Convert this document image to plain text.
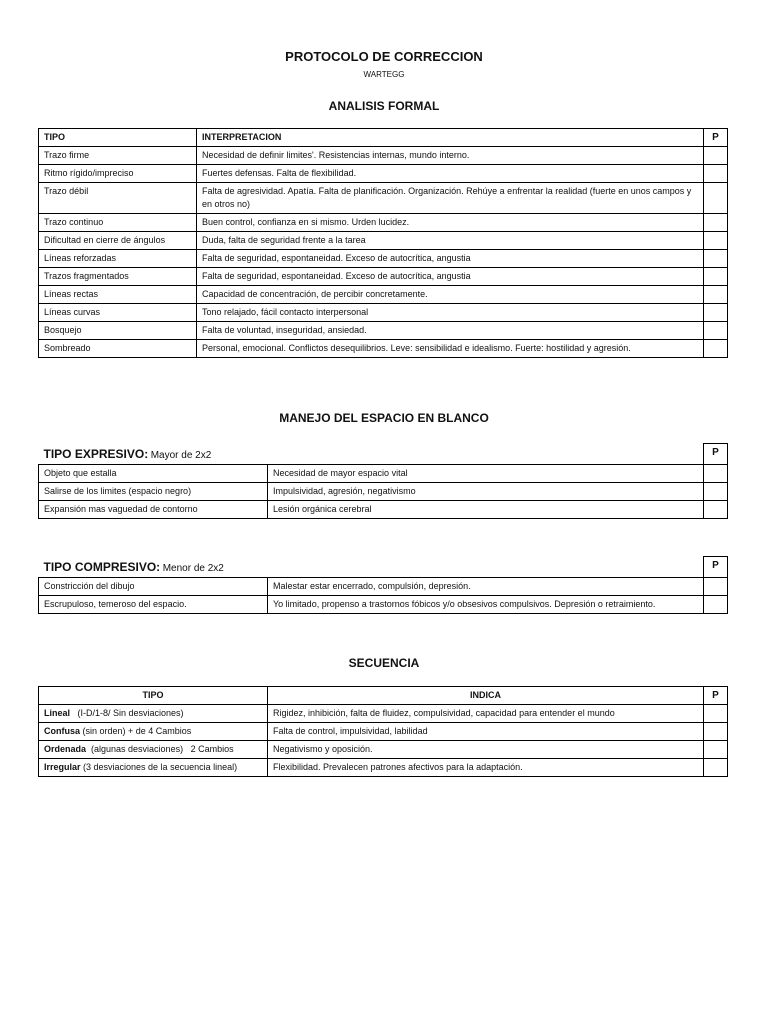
PROTOCOLO DE CORRECCION
WARTEGG
ANALISIS FORMAL
TIPO	INTERPRETACION	P
Trazo firme	Necesidad de definir limites'. Resistencias internas, mundo interno.	
Ritmo rígido/impreciso	Fuertes defensas. Falta de flexibilidad.	
Trazo débil	Falta de agresividad. Apatía. Falta de planificación. Organización. Rehúye a enfrentar la realidad (fuerte en unos campos y en otros no)	
Trazo continuo	Buen control, confianza en si mismo. Urden lucidez.	
Dificultad en cierre de ángulos	Duda, falta de seguridad frente a la tarea	
Líneas reforzadas	Falta de seguridad, espontaneidad. Exceso de autocrítica, angustia	
Trazos fragmentados	Falta de seguridad, espontaneidad. Exceso de autocrítica, angustia	
Líneas rectas	Capacidad de concentración, de percibir concretamente.	
Líneas curvas	Tono relajado, fácil contacto interpersonal	
Bosquejo	Falta de voluntad, inseguridad, ansiedad.	
Sombreado	Personal, emocional. Conflictos desequilibrios. Leve: sensibilidad e idealismo. Fuerte: hostilidad y agresión.	
MANEJO DEL ESPACIO EN BLANCO
TIPO EXPRESIVO: Mayor de 2x2		P
Objeto que estalla	Necesidad de mayor espacio vital	
Salirse de los limites (espacio negro)	Impulsividad, agresión, negativismo	
Expansión mas vaguedad de contorno	Lesión orgánica cerebral	
TIPO COMPRESIVO: Menor de 2x2		P
Constricción del dibujo	Malestar estar encerrado, compulsión, depresión.	
Escrupuloso, temeroso del espacio.	Yo limitado, propenso a trastornos fóbicos y/o obsesivos compulsivos. Depresión o retraimiento.	
SECUENCIA
TIPO	INDICA	P
Lineal   (I-D/1-8/ Sin desviaciones)	Rigidez, inhibición, falta de fluidez, compulsividad, capacidad para entender el mundo	
Confusa (sin orden) + de 4 Cambios	Falta de control, impulsividad, labilidad	
Ordenada  (algunas desviaciones)   2 Cambios	Negativismo y oposición.	
Irregular (3 desviaciones de la secuencia lineal)	Flexibilidad. Prevalecen patrones afectivos para la adaptación.	
